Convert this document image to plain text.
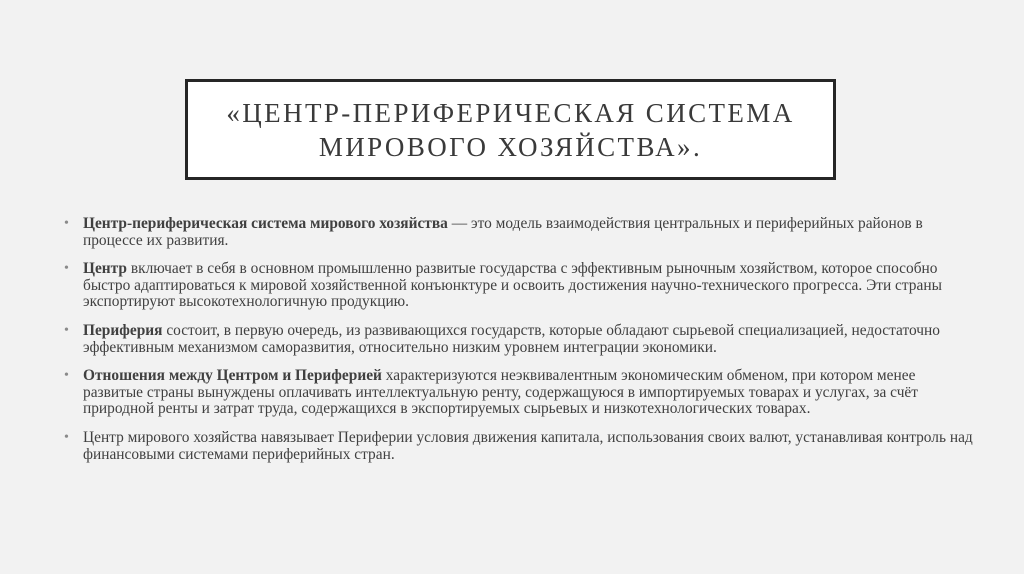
«ЦЕНТР-ПЕРИФЕРИЧЕСКАЯ СИСТЕМА МИРОВОГО ХОЗЯЙСТВА».
• Центр-периферическая система мирового хозяйства — это модель взаимодействия центральных и периферийных районов в процессе их развития.
• Центр включает в себя в основном промышленно развитые государства с эффективным рыночным хозяйством, которое способно быстро адаптироваться к мировой хозяйственной конъюнктуре и освоить достижения научно-технического прогресса. Эти страны экспортируют высокотехнологичную продукцию.
• Периферия состоит, в первую очередь, из развивающихся государств, которые обладают сырьевой специализацией, недостаточно эффективным механизмом саморазвития, относительно низким уровнем интеграции экономики.
• Отношения между Центром и Периферией характеризуются неэквивалентным экономическим обменом, при котором менее развитые страны вынуждены оплачивать интеллектуальную ренту, содержащуюся в импортируемых товарах и услугах, за счёт природной ренты и затрат труда, содержащихся в экспортируемых сырьевых и низкотехнологических товарах.
• Центр мирового хозяйства навязывает Периферии условия движения капитала, использования своих валют, устанавливая контроль над финансовыми системами периферийных стран.
